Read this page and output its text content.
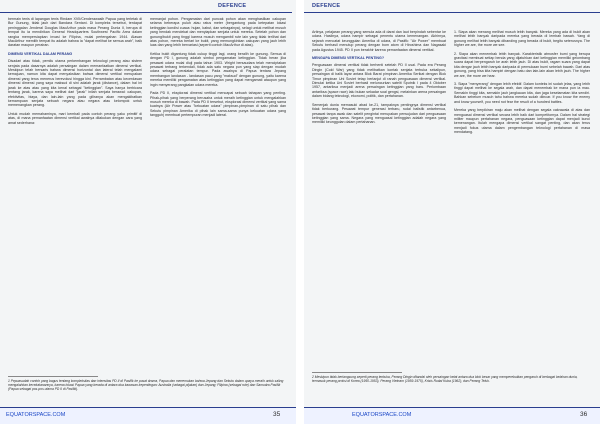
DEFENCE

bermain tenis di lapangan tenis Rindam XVII/Cenderawasih Papua yang terletak di Bur Gunung, tidak jauh dari Bandara Sentani. Di kompleks tersebut, terdapat peninggalan Jenderal Douglas MacArthur pada masa Perang Dunia II, berupa di tempat itu ia mendirikan General Headquarters Southwest Pacific Area dalam rangka mempersiapkan invasi ke Filipina, mulai pertengahan 1944. Alasan MacArthur memilih tempat itu adalah bahwa ia "dapat melihat ke semua arah", baik daratan maupun perairan.

DIMENSI VERTIKAL DALAM PERANG

Disadari atau tidak, pemilu utama perkembangan teknologi perang atau sistem senjata pada dasarnya adalah persaingan dalam memanfaatkan dimensi vertikal. Meskipun telah bersaris bahwa dimensi horizontal dan lateral telah mengalami kemajuan, namun kita dapat menyaksikan bahwa dimensi vertikal merupakan dimensi yang terus menerus berevolusi hingga kini. Perrambatan atau kecerdasan dimensi dimensi yang saya maksud di sini adalah jarak (distance), dalam hal ini jarak ke atas atau yang kita kenal sebagai "ketinggian". Saya hanya berbicara tentang jarak, karena saya melihat dari "jarak" inilah senjata berawal: cakupan, efektivitas, biaya, dan lain-lain yang pada giliranya akan mengakibatkan kemampuan senjata sebuah negara atau negara atau kelompok untuk memenangkan perang.

Untuk mudah memahaminya, mari kembali pada contoh perang yaku primitif di atas, di mana pemanfaatan dimensi vertikal awalnya dilakukan dengan cara yang amat sederhana:

memanjat pohon. Pengamatan dari puncak pohon akan menghasilkan cakupan selama beberapa puluh atau ratus meter (bergantung pada ketepatan lokasi ketinggian kondisi cuaca: hujan, kabut, dan sebagainya), selagi untuk melihat musuh yang hendak mendekat dan menyiapkan senjata untuk mereka. Setelah pohon dan gunung/bukit yang tinggi karena musuh mengambil rute lain yang tidak terlihat dari atas pohon, mereka berlari ke bukit, yang memungkinkan cakupan yang jauh lebih luas dan yang lebih bervariasi (seperti contoh MacArthur di atas).

Ketika bukit digantung tidak cukup tinggi lagi, orang beralih ke gunung. Semua di dengan PD I, gunung adalah simbol pengamatan ketinggian. Tidak heran jika pesawat udara mulai diuji pada tahun 1903. Wright bersaudara telah menciptakan pesawat terbang terkendali, tidak ada satu negara pun yang siap dengan mudah udara sebagai peralatan tempur. Pada awalnya di Papua tentara Jepang membangun landasan - landasan pacu yang "maksud" dengan gunung, yaitu karena mereka memiliki pengamatan atas ketinggian yang dapat mengamati ataupun yang ingin menyerang pangkalan udara mereka.

Pada PD II, eksplorasi dimensi vertikal mencapai sebuah tahapan yang penting. Pihak-pihak yang berperang berusaha untuk meraih ketinggian untuk mengalahkan musuh mereka di bawah. Pada PD II tersebut, eksplorasi dimensi vertikal yang sama kuatnya (Air Power atau "kekuatan udara" pimpinan-pimpinan di satu pihak dan Sekutu pimpinan Amerika di pihak lain sama-sama punya kekuatan udara yang tangguh) membuat pertempuran menjadi lateral.

1 Pepuasudah contoh yang bagus tentang kompleksitas dan intensitas PD II di Pasifik ke pusat drama, Papua dan menemukan bahwa Jepang dan Sekutu dalam upaya meraih untuk saling mengalahkan kecekatanannya, karena lokasi Papua yang berada di antara dua kawasan kepentingan: Australia (sebagai pijakan) dan Jepang; Filipina (sebagai rute) dan Samudra Pasifik (Papua sebagai pos-pos utama PD II di Pasifik).
EQUATORSPACE.COM	35
DEFENCE

Artinya, pelajaran perang yang semula ada di darat dan laut berpindah sebentar ke udara. Hasilnya, udara hampir sebagai penentu utama kemenangan. Akhirnya, sejarah mencatat keunggulan Amerika di udara, di Pasifik: "Air Power" membuat Sekutu berhasil menutup perang dengan bom atom di Hiroshima dan Nagasaki pada Agustus 1945. PD II pun berakhir karena pemanfaatan dimensi vertikal.

MENGAPA DIMENSI VERTIKAL PENTING?

Penguasaan dimensi vertikal tidak berhenti setelah PD II usai. Pada era Perang Dingin (Cold War) yang tidak melibatkan kontak senjata terbuka sekalipun, persaingan di balik layar antara Blok Barat pimpinan Amerika Serikat dengan Blok Timur pimpinan Uni Soviet tetap berlanjut di ranah penguasaan dimensi vertikal. Dimulai ketika Uni Soviet berhasil meluncurkan satelit Sputnik I pada 4 Oktober 1957, antariksa menjadi arena persaingan ketinggian yang baru. Perlombaan antariksa (space race) lalu bukan sekadar soal gengsi, melainkan arena persaingan dalam bidang teknologi, ekonomi, politik, dan pertahanan.

Semenjak dunia memasuki abad ke-21, tampaknya pentingnya dimensi vertikal tidak berkurang. Pesawat tempur generasi terbaru, rudal balistik antarbenua, pesawat tanpa awak dan satelit pengintai merupakan perwujudan dari penguasaan ketinggian yang sama. Negara yang menguasai ketinggian adalah negara yang memiliki keunggulan dalam pertahanan.

1. Siapa akan menang melihat musuh lebih banyak. Mereka yang ada di bukit akan melihat lebih banyak daripada mereka yang berada di lembah bawah. Yang di gunung melihat lebih banyak dibanding yang berada di bukit, begitu seterusnya. The higher we are, the more we see.

2. Siapa akan menembak lebih banyak. Karakteristik atmosfer bumi yang berupa gravitasi membuat setiap benda yang dijatuhkan dari ketinggian memiliki gelombang suara dapat berpengaruh ke arah lebih jauh. Di atas bukit, ragam suara yang dapat kita dengar jauh lebih banyak daripada di permukaan bumi sebelah bawah. Dari atas gunung, yang bisa kita hampiri dengan batu dan lain-lain akan lebih jauh. The higher we are, the more we hear.

3. Siapa "menyerang" dengan lebih efektif. Dalam konteks ini sudah jelas, yang lebih tinggi dapat melihat ke segala arah, dan dapat menembak ke mana pun ia mau. Semakin tinggi kita, semakin jauh jangkauan kita, dan jaga keselamatan kita sendiri. Bahkan sebelum musuh tahu bahwa mereka sudah diincar. If you know the enemy and know yourself, you need not fear the result of a hundred battles.

Mereka yang berpikiran maju akan melihat dengan segala cakrawala di atas dan menguasai dimensi vertikal secara lebih baik dari kompetitornya. Dalam hal strategi militer maupun pertahanan negara, penguasaan ketinggian dapat menjadi kunci kemenangan. Itulah mengapa dimensi vertikal sangat penting, dan akan terus menjadi fokus utama dalam pengembangan teknologi pertahanan di masa mendatang.

2 Meskipun tidak berlangsung seperti perang terbuka, Perang Dingin ditandai oleh persaingan ketat antara dua blok besar yang memperebutkan pengaruh di berbagai belahan dunia, termasuk perang proksi di Korea (1950-1953), Perang Vietnam (1959-1975), Krisis Rudal Kuba (1962), dan Perang Teluk.
EQUATORSPACE.COM	36
